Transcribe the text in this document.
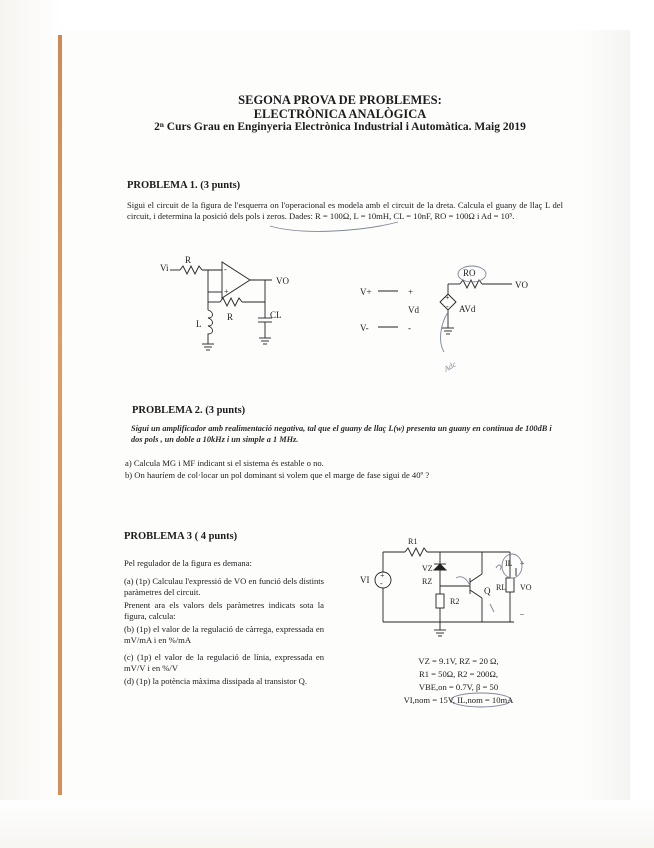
SEGONA PROVA DE PROBLEMES:
ELECTRÒNICA ANALÒGICA
2ⁿ Curs Grau en Enginyeria Electrònica Industrial i Automàtica. Maig 2019
PROBLEMA 1. (3 punts)
Sigui el circuit de la figura de l'esquerra on l'operacional es modela amb el circuit de la dreta. Calcula el guany de llaç L del circuit, i determina la posició dels pols i zeros. Dades: R = 100Ω, L = 10mH, CL = 10nF, RO = 100Ω i Ad = 10⁵.
Vi
R
-
+
VO
R	CL
L
V+	+
Vd
V-	-
+
- AVd
RO
VO
Adc
R1
+
-
VI
VZ
RZ
R2
Q RL VO
+
–
IL
PROBLEMA 2. (3 punts)
Sigui un amplificador amb realimentació negativa, tal que el guany de llaç L(w) presenta un guany en continua de 100dB i dos pols , un doble a 10kHz i un simple a 1 MHz.
a) Calcula MG i MF indicant si el sistema és estable o no.
b) On hauríem de col·locar un pol dominant si volem que el marge de fase sigui de 40º ?
PROBLEMA 3 ( 4 punts)
Pel regulador de la figura es demana:
(a) (1p) Calculau l'expressió de VO en funció dels distints paràmetres del circuit.
Prenent ara els valors dels paràmetres indicats sota la figura, calcula:
(b) (1p) el valor de la regulació de càrrega, expressada en mV/mA i en %/mA
(c) (1p) el valor de la regulació de línia, expressada en mV/V i en %/V
(d) (1p) la potència màxima dissipada al transistor Q.
VZ = 9.1V, RZ = 20 Ω,
R1 = 50Ω, R2 = 200Ω,
VBE,on = 0.7V, β = 50
VI,nom = 15V, IL,nom = 10mA
